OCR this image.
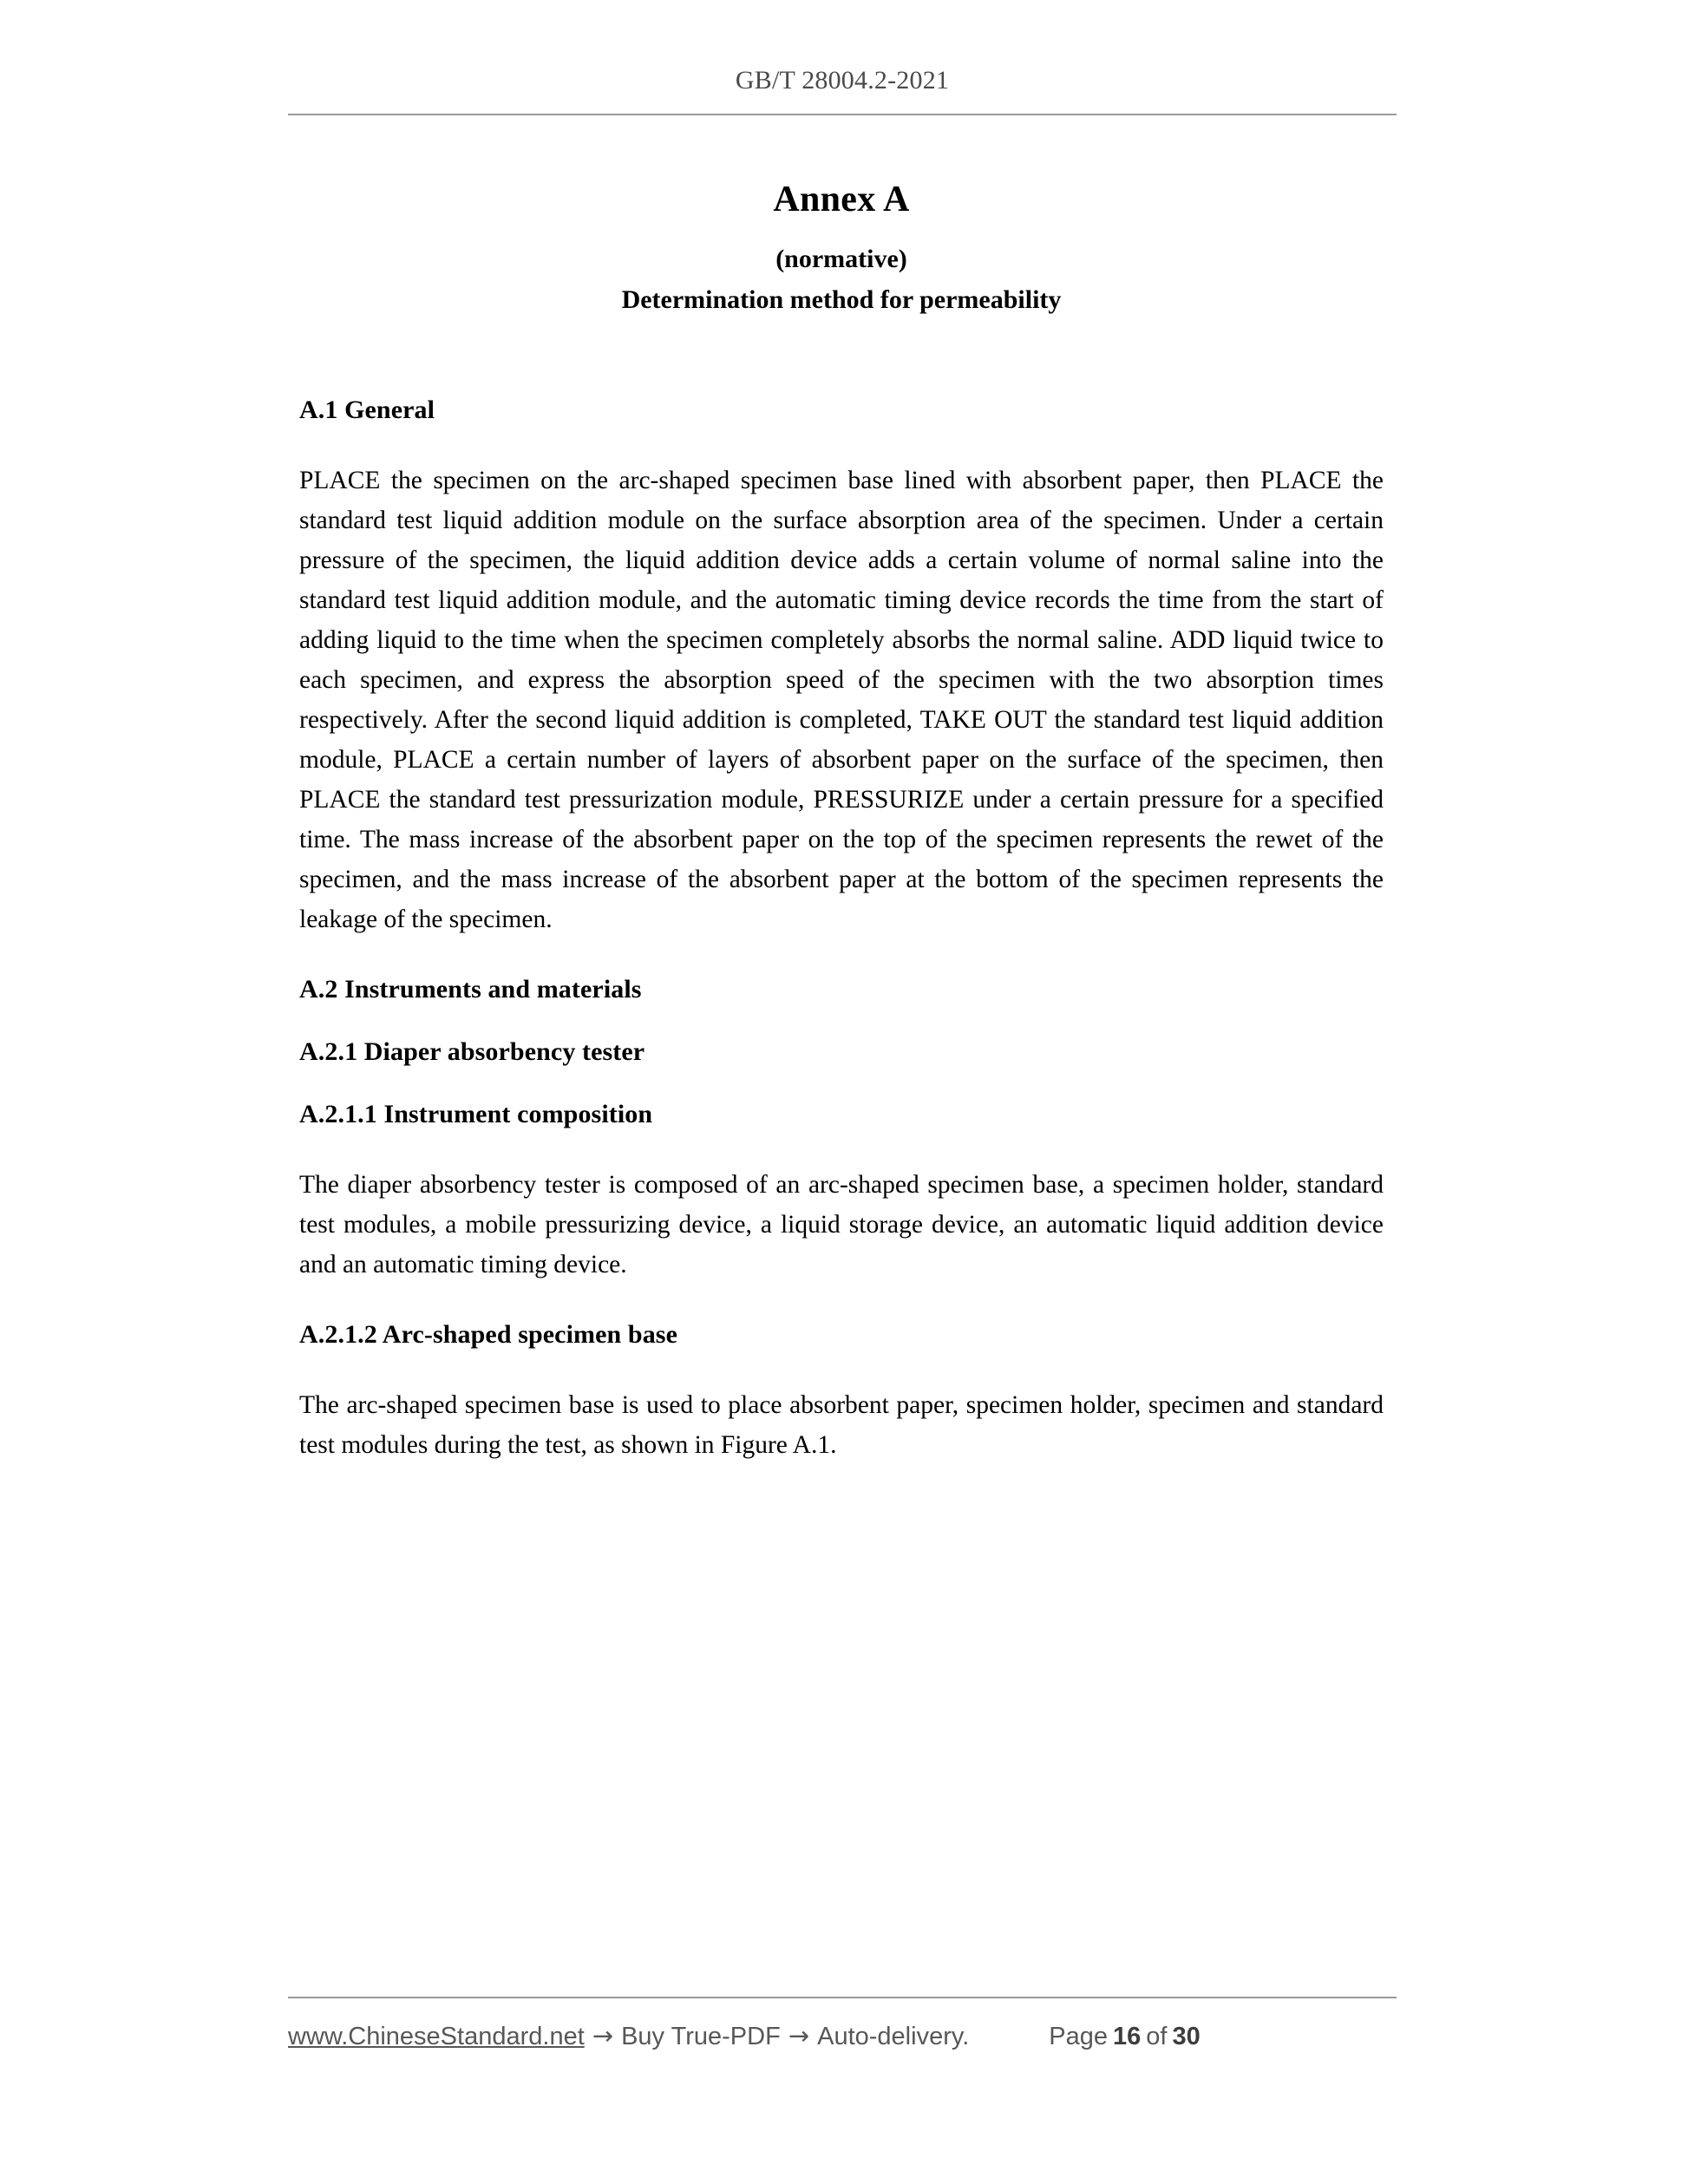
GB/T 28004.2-2021
Annex A
(normative)
Determination method for permeability
A.1 General

PLACE the specimen on the arc-shaped specimen base lined with absorbent paper, then PLACE the standard test liquid addition module on the surface absorption area of the specimen. Under a certain pressure of the specimen, the liquid addition device adds a certain volume of normal saline into the standard test liquid addition module, and the automatic timing device records the time from the start of adding liquid to the time when the specimen completely absorbs the normal saline. ADD liquid twice to each specimen, and express the absorption speed of the specimen with the two absorption times respectively. After the second liquid addition is completed, TAKE OUT the standard test liquid addition module, PLACE a certain number of layers of absorbent paper on the surface of the specimen, then PLACE the standard test pressurization module, PRESSURIZE under a certain pressure for a specified time. The mass increase of the absorbent paper on the top of the specimen represents the rewet of the specimen, and the mass increase of the absorbent paper at the bottom of the specimen represents the leakage of the specimen.

A.2 Instruments and materials
A.2.1 Diaper absorbency tester
A.2.1.1 Instrument composition

The diaper absorbency tester is composed of an arc-shaped specimen base, a specimen holder, standard test modules, a mobile pressurizing device, a liquid storage device, an automatic liquid addition device and an automatic timing device.

A.2.1.2 Arc-shaped specimen base

The arc-shaped specimen base is used to place absorbent paper, specimen holder, specimen and standard test modules during the test, as shown in Figure A.1.

www.ChineseStandard.net → Buy True-PDF → Auto-delivery.	Page 16 of 30
